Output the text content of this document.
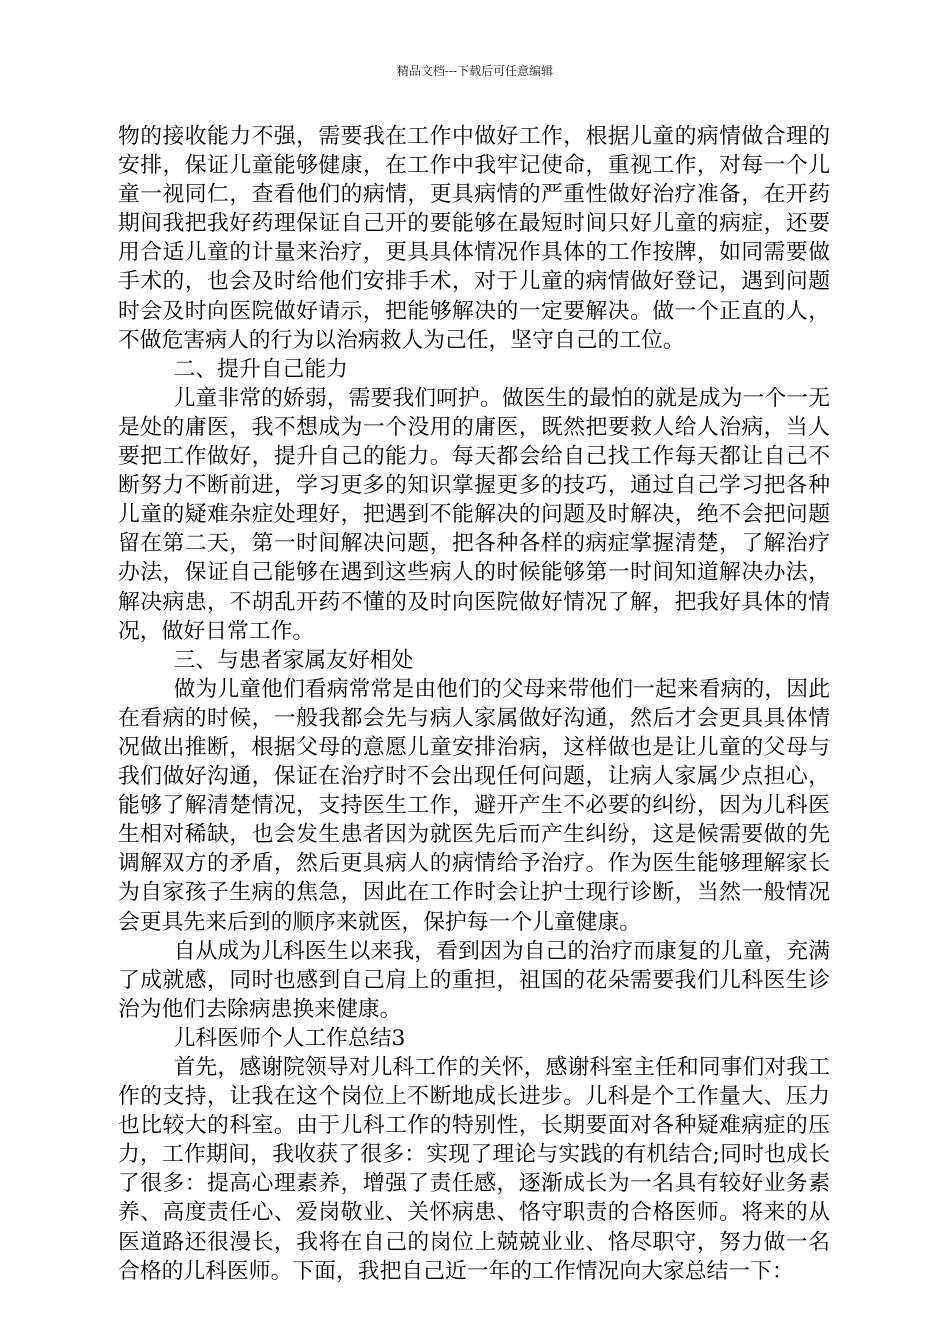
精品文档---下载后可任意编辑

物的接收能力不强，需要我在工作中做好工作，根据儿童的病情做合理的安排，保证儿童能够健康，在工作中我牢记使命，重视工作，对每一个儿童一视同仁，查看他们的病情，更具病情的严重性做好治疗准备，在开药期间我把我好药理保证自己开的要能够在最短时间只好儿童的病症，还要用合适儿童的计量来治疗，更具具体情况作具体的工作按牌，如同需要做手术的，也会及时给他们安排手术，对于儿童的病情做好登记，遇到问题时会及时向医院做好请示，把能够解决的一定要解决。做一个正直的人，不做危害病人的行为以治病救人为己任，坚守自己的工位。

二、提升自己能力

儿童非常的娇弱，需要我们呵护。做医生的最怕的就是成为一个一无是处的庸医，我不想成为一个没用的庸医，既然把要救人给人治病，当人要把工作做好，提升自己的能力。每天都会给自己找工作每天都让自己不断努力不断前进，学习更多的知识掌握更多的技巧，通过自己学习把各种儿童的疑难杂症处理好，把遇到不能解决的问题及时解决，绝不会把问题留在第二天，第一时间解决问题，把各种各样的病症掌握清楚，了解治疗办法，保证自己能够在遇到这些病人的时候能够第一时间知道解决办法，解决病患，不胡乱开药不懂的及时向医院做好情况了解，把我好具体的情况，做好日常工作。

三、与患者家属友好相处

做为儿童他们看病常常是由他们的父母来带他们一起来看病的，因此在看病的时候，一般我都会先与病人家属做好沟通，然后才会更具具体情况做出推断，根据父母的意愿儿童安排治病，这样做也是让儿童的父母与我们做好沟通，保证在治疗时不会出现任何问题，让病人家属少点担心，能够了解清楚情况，支持医生工作，避开产生不必要的纠纷，因为儿科医生相对稀缺，也会发生患者因为就医先后而产生纠纷，这是候需要做的先调解双方的矛盾，然后更具病人的病情给予治疗。作为医生能够理解家长为自家孩子生病的焦急，因此在工作时会让护士现行诊断，当然一般情况会更具先来后到的顺序来就医，保护每一个儿童健康。

自从成为儿科医生以来我，看到因为自己的治疗而康复的儿童，充满了成就感，同时也感到自己肩上的重担，祖国的花朵需要我们儿科医生诊治为他们去除病患换来健康。

儿科医师个人工作总结3

首先，感谢院领导对儿科工作的关怀，感谢科室主任和同事们对我工作的支持，让我在这个岗位上不断地成长进步。儿科是个工作量大、压力也比较大的科室。由于儿科工作的特别性，长期要面对各种疑难病症的压力，工作期间，我收获了很多：实现了理论与实践的有机结合;同时也成长了很多：提高心理素养，增强了责任感，逐渐成长为一名具有较好业务素养、高度责任心、爱岗敬业、关怀病患、恪守职责的合格医师。将来的从医道路还很漫长，我将在自己的岗位上兢兢业业、恪尽职守，努力做一名合格的儿科医师。下面，我把自己近一年的工作情况向大家总结一下：
